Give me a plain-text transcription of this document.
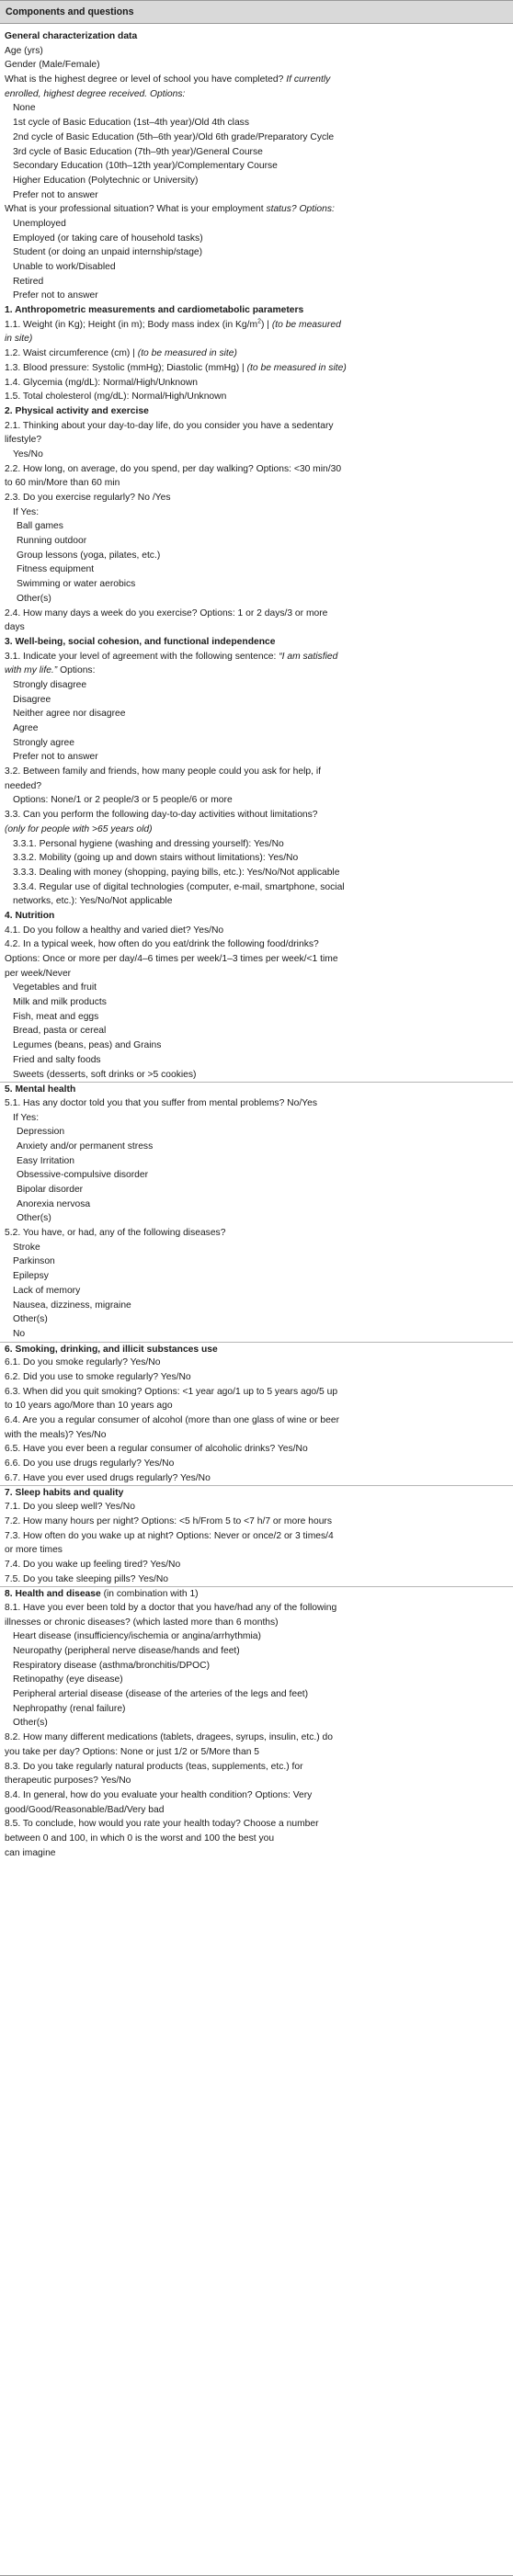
Components and questions
General characterization data
Age (yrs)
Gender (Male/Female)
What is the highest degree or level of school you have completed? If currently
enrolled, highest degree received. Options:
None
1st cycle of Basic Education (1st–4th year)/Old 4th class
2nd cycle of Basic Education (5th–6th year)/Old 6th grade/Preparatory Cycle
3rd cycle of Basic Education (7th–9th year)/General Course
Secondary Education (10th–12th year)/Complementary Course
Higher Education (Polytechnic or University)
Prefer not to answer
What is your professional situation? What is your employment status? Options:
Unemployed
Employed (or taking care of household tasks)
Student (or doing an unpaid internship/stage)
Unable to work/Disabled
Retired
Prefer not to answer
1. Anthropometric measurements and cardiometabolic parameters
1.1. Weight (in Kg); Height (in m); Body mass index (in $Kg/m^2$) | (to be measured
in site)
1.2. Waist circumference (cm) | (to be measured in site)
1.3. Blood pressure: Systolic (mmHg); Diastolic (mmHg) | (to be measured in site)
1.4. Glycemia (mg/dL): Normal/High/Unknown
1.5. Total cholesterol (mg/dL): Normal/High/Unknown
2. Physical activity and exercise
2.1. Thinking about your day-to-day life, do you consider you have a sedentary
lifestyle?
Yes/No
2.2. How long, on average, do you spend, per day walking? Options: <30 min/30
to 60 min/More than 60 min
2.3. Do you exercise regularly? No /Yes
If Yes:
Ball games
Running outdoor
Group lessons (yoga, pilates, etc.)
Fitness equipment
Swimming or water aerobics
Other(s)
2.4. How many days a week do you exercise? Options: 1 or 2 days/3 or more
days
3. Well-being, social cohesion, and functional independence
3.1. Indicate your level of agreement with the following sentence: “I am satisfied
with my life.” Options:
Strongly disagree
Disagree
Neither agree nor disagree
Agree
Strongly agree
Prefer not to answer
3.2. Between family and friends, how many people could you ask for help, if
needed?
Options: None/1 or 2 people/3 or 5 people/6 or more
3.3. Can you perform the following day-to-day activities without limitations?
(only for people with >65 years old)
3.3.1. Personal hygiene (washing and dressing yourself): Yes/No
3.3.2. Mobility (going up and down stairs without limitations): Yes/No
3.3.3. Dealing with money (shopping, paying bills, etc.): Yes/No/Not applicable
3.3.4. Regular use of digital technologies (computer, e-mail, smartphone, social
networks, etc.): Yes/No/Not applicable
4. Nutrition
4.1. Do you follow a healthy and varied diet? Yes/No
4.2. In a typical week, how often do you eat/drink the following food/drinks?
Options: Once or more per day/4–6 times per week/1–3 times per week/<1 time
per week/Never
Vegetables and fruit
Milk and milk products
Fish, meat and eggs
Bread, pasta or cereal
Legumes (beans, peas) and Grains
Fried and salty foods
Sweets (desserts, soft drinks or >5 cookies)
5. Mental health
5.1. Has any doctor told you that you suffer from mental problems? No/Yes
If Yes:
Depression
Anxiety and/or permanent stress
Easy Irritation
Obsessive-compulsive disorder
Bipolar disorder
Anorexia nervosa
Other(s)
5.2. You have, or had, any of the following diseases?
Stroke
Parkinson
Epilepsy
Lack of memory
Nausea, dizziness, migraine
Other(s)
No
6. Smoking, drinking, and illicit substances use
6.1. Do you smoke regularly? Yes/No
6.2. Did you use to smoke regularly? Yes/No
6.3. When did you quit smoking? Options: <1 year ago/1 up to 5 years ago/5 up
to 10 years ago/More than 10 years ago
6.4. Are you a regular consumer of alcohol (more than one glass of wine or beer
with the meals)? Yes/No
6.5. Have you ever been a regular consumer of alcoholic drinks? Yes/No
6.6. Do you use drugs regularly? Yes/No
6.7. Have you ever used drugs regularly? Yes/No
7. Sleep habits and quality
7.1. Do you sleep well? Yes/No
7.2. How many hours per night? Options: <5 h/From 5 to <7 h/7 or more hours
7.3. How often do you wake up at night? Options: Never or once/2 or 3 times/4
or more times
7.4. Do you wake up feeling tired? Yes/No
7.5. Do you take sleeping pills? Yes/No
8. Health and disease (in combination with 1)
8.1. Have you ever been told by a doctor that you have/had any of the following
illnesses or chronic diseases? (which lasted more than 6 months)
Heart disease (insufficiency/ischemia or angina/arrhythmia)
Neuropathy (peripheral nerve disease/hands and feet)
Respiratory disease (asthma/bronchitis/DPOC)
Retinopathy (eye disease)
Peripheral arterial disease (disease of the arteries of the legs and feet)
Nephropathy (renal failure)
Other(s)
8.2. How many different medications (tablets, dragees, syrups, insulin, etc.) do
you take per day? Options: None or just 1/2 or 5/More than 5
8.3. Do you take regularly natural products (teas, supplements, etc.) for
therapeutic purposes? Yes/No
8.4. In general, how do you evaluate your health condition? Options: Very
good/Good/Reasonable/Bad/Very bad
8.5. To conclude, how would you rate your health today? Choose a number
between 0 and 100, in which 0 is the worst and 100 the best you
can imagine
